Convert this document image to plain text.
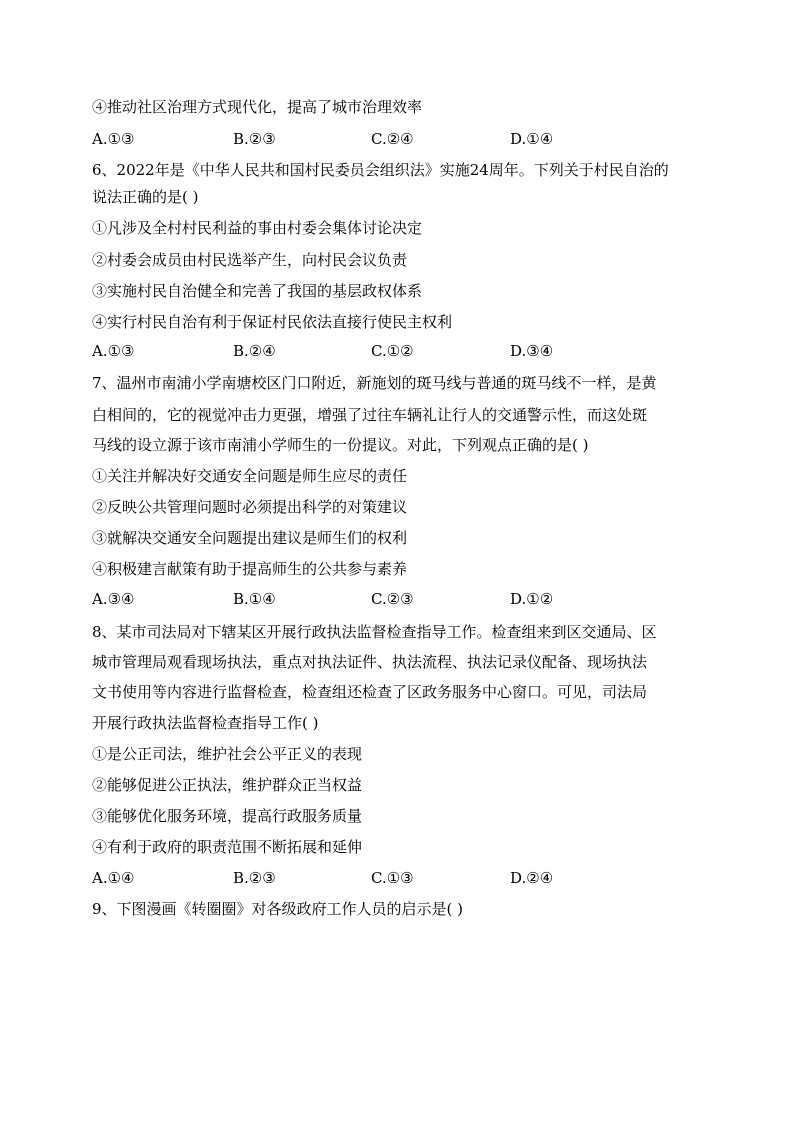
④推动社区治理方式现代化，提高了城市治理效率
A.①③	B.②③	C.②④	D.①④
6、2022年是《中华人民共和国村民委员会组织法》实施24周年。下列关于村民自治的
说法正确的是( )
①凡涉及全村村民利益的事由村委会集体讨论决定
②村委会成员由村民选举产生，向村民会议负责
③实施村民自治健全和完善了我国的基层政权体系
④实行村民自治有利于保证村民依法直接行使民主权利
A.①③	B.②④	C.①②	D.③④
7、温州市南浦小学南塘校区门口附近，新施划的斑马线与普通的斑马线不一样，是黄
白相间的，它的视觉冲击力更强，增强了过往车辆礼让行人的交通警示性，而这处斑
马线的设立源于该市南浦小学师生的一份提议。对此，下列观点正确的是( )
①关注并解决好交通安全问题是师生应尽的责任
②反映公共管理问题时必须提出科学的对策建议
③就解决交通安全问题提出建议是师生们的权利
④积极建言献策有助于提高师生的公共参与素养
A.③④	B.①④	C.②③	D.①②
8、某市司法局对下辖某区开展行政执法监督检查指导工作。检查组来到区交通局、区
城市管理局观看现场执法，重点对执法证件、执法流程、执法记录仪配备、现场执法
文书使用等内容进行监督检查，检查组还检查了区政务服务中心窗口。可见，司法局
开展行政执法监督检查指导工作( )
①是公正司法，维护社会公平正义的表现
②能够促进公正执法，维护群众正当权益
③能够优化服务环境，提高行政服务质量
④有利于政府的职责范围不断拓展和延伸
A.①④	B.②③	C.①③	D.②④
9、下图漫画《转圈圈》对各级政府工作人员的启示是( )
